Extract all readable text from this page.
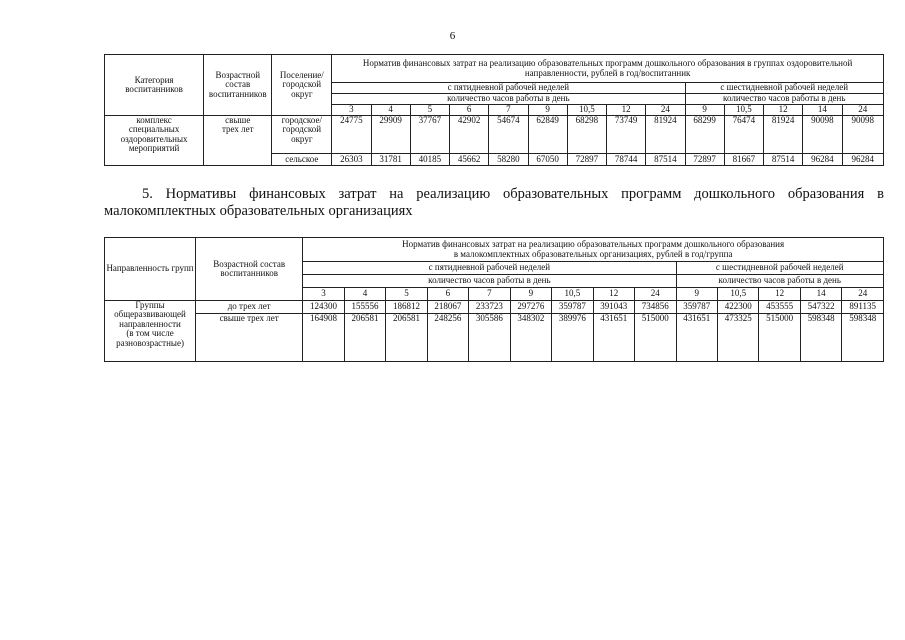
6
Категория воспитанников	Возрастной состав воспитанников	Поселение/ городской округ	Норматив финансовых затрат на реализацию образовательных программ дошкольного образования в группах оздоровительной направленности, рублей в год/воспитанник													
			с пятидневной рабочей неделей									с шестидневной рабочей неделей				
			количество часов работы в день									количество часов работы в день				
			3	4	5	6	7	9	10,5	12	24	9	10,5	12	14	24

комплекс
специальных
оздоровительных
мероприятий	свыше
трех лет	городское/
городской
округ	24775	29909	37767	42902	54674	62849	68298	73749	81924	68299	76474	81924	90098	90098
		сельское	26303	31781	40185	45662	58280	67050	72897	78744	87514	72897	81667	87514	96284	96284
5. Нормативы финансовых затрат на реализацию образовательных программ дошкольного образования в
малокомплектных образовательных организациях
Направленность групп	Возрастной состав воспитанников	Норматив финансовых затрат на реализацию образовательных программ дошкольного образования
в малокомплектных образовательных организациях, рублей в год/группа													

		с пятидневной рабочей неделей									с шестидневной рабочей неделей				
		количество часов работы в день									количество часов работы в день				
		3	4	5	6	7	9	10,5	12	24	9	10,5	12	14	24

Группы
общеразвивающей
направленности
(в том числе
разновозрастные)	до трех лет	124300	155556	186812	218067	233723	297276	359787	391043	734856	359787	422300	453555	547322	891135
	свыше трех лет	164908	206581	206581	248256	305586	348302	389976	431651	515000	431651	473325	515000	598348	598348
